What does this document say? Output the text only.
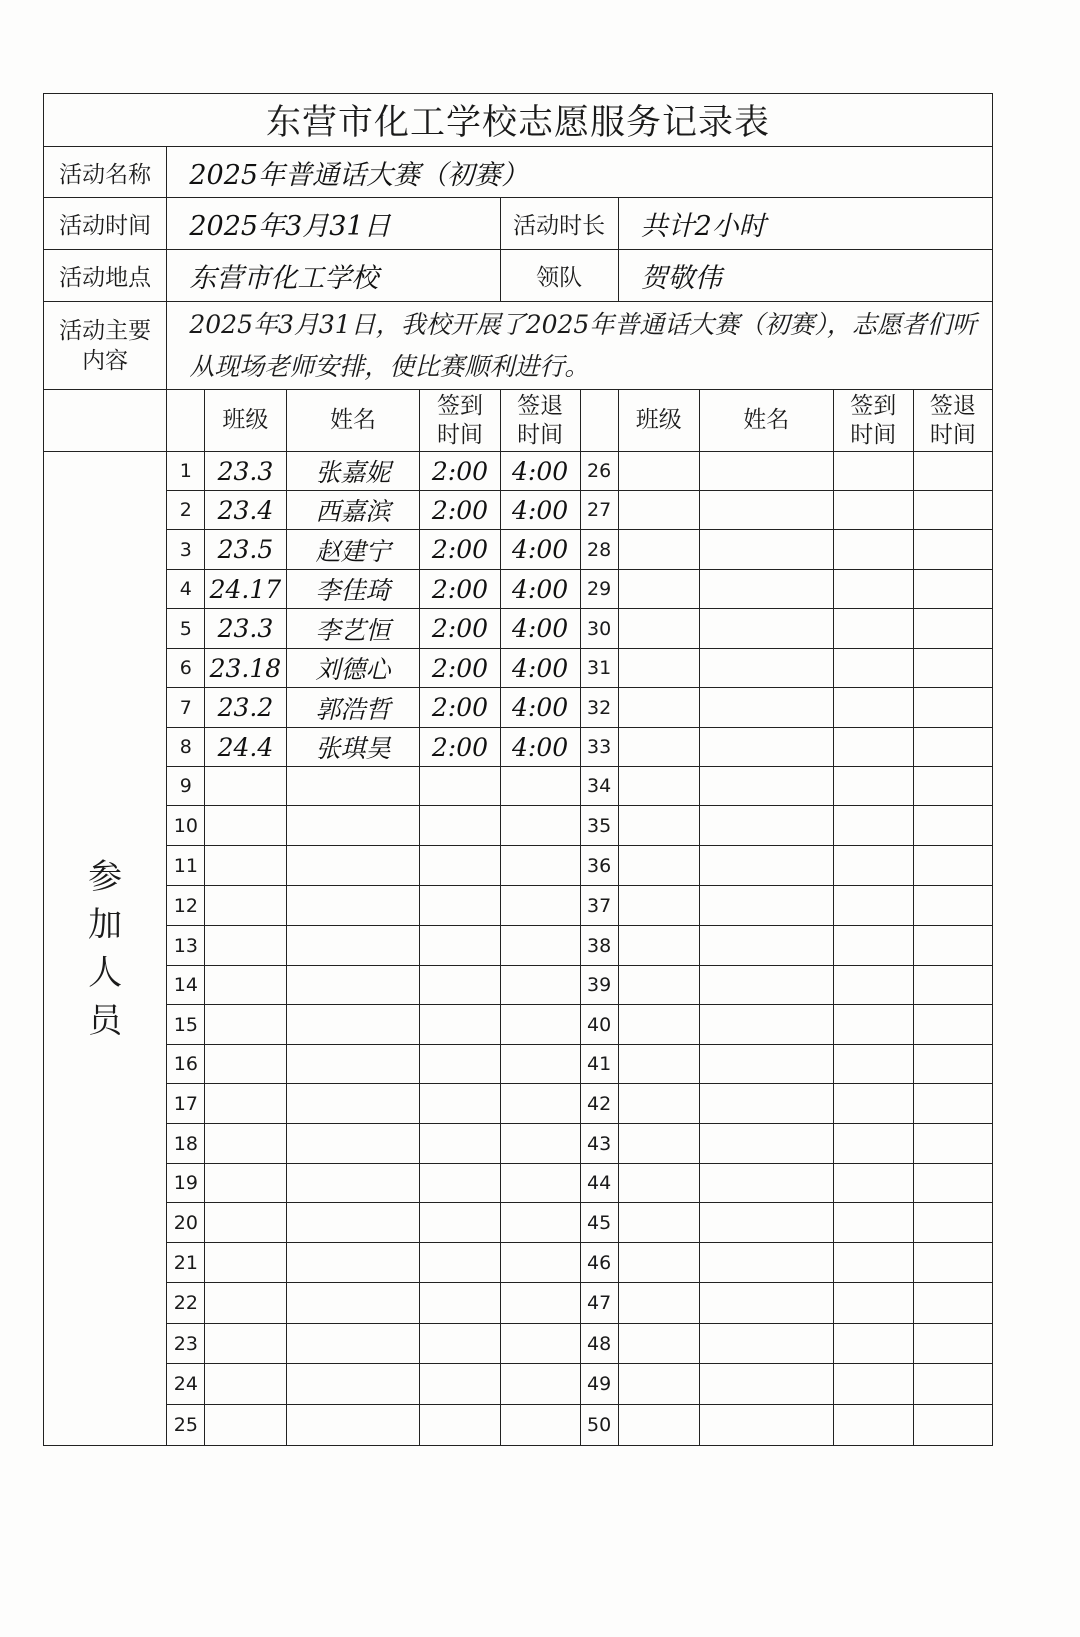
东营市化工学校志愿服务记录表										
活动名称	2025年普通话大赛（初赛）									
活动时间	2025年3月31日				活动时长		共计2小时			
活动地点	东营市化工学校				领队		贺敬伟			
活动主要内容	2025年3月31日，我校开展了2025年普通话大赛（初赛），志愿者们听从现场老师安排，使比赛顺利进行。									
		班级	姓名	签到时间	签退时间		班级	姓名	签到时间	签退时间
参加人员	1	23.3	张嘉妮	2:00	4:00	26				
	2	23.4	西嘉滨	2:00	4:00	27				
	3	23.5	赵建宁	2:00	4:00	28				
	4	24.17	李佳琦	2:00	4:00	29				
	5	23.3	李艺恒	2:00	4:00	30				
	6	23.18	刘德心	2:00	4:00	31				
	7	23.2	郭浩哲	2:00	4:00	32				
	8	24.4	张琪昊	2:00	4:00	33				
	9					34				
	10					35				
	11					36				
	12					37				
	13					38				
	14					39				
	15					40				
	16					41				
	17					42				
	18					43				
	19					44				
	20					45				
	21					46				
	22					47				
	23					48				
	24					49				
	25					50				
